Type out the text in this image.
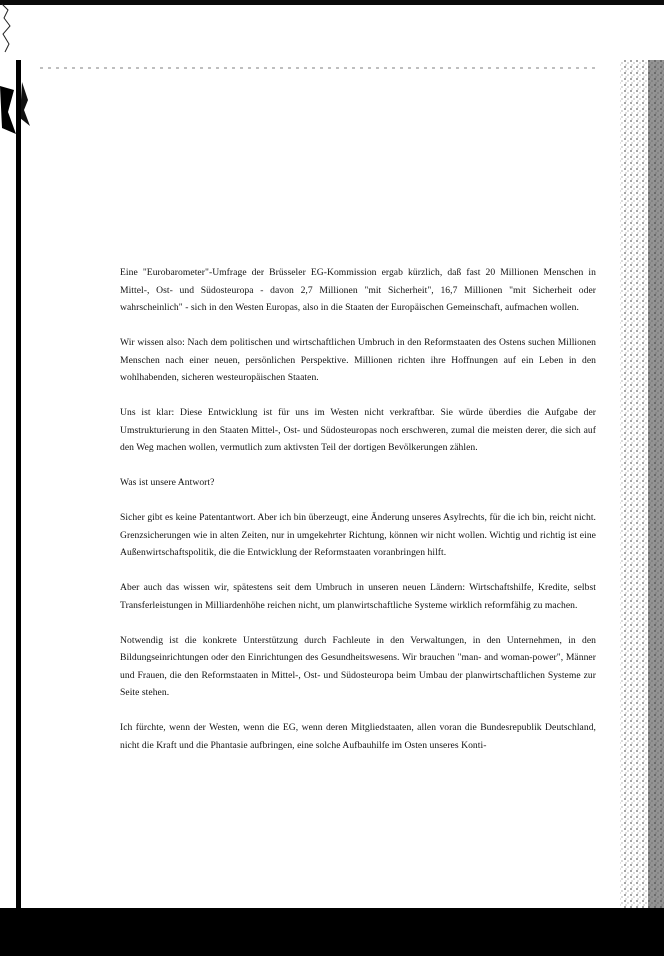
Eine "Eurobarometer"-Umfrage der Brüsseler EG-Kommission ergab kürzlich, daß fast 20 Millionen Menschen in Mittel-, Ost- und Südosteuropa - davon 2,7 Millionen "mit Sicherheit", 16,7 Millionen "mit Sicherheit oder wahrscheinlich" - sich in den Westen Europas, also in die Staaten der Europäischen Gemeinschaft, aufmachen wollen.

Wir wissen also: Nach dem politischen und wirtschaftlichen Umbruch in den Reformstaaten des Ostens suchen Millionen Menschen nach einer neuen, persönlichen Perspektive. Millionen richten ihre Hoffnungen auf ein Leben in den wohlhabenden, sicheren westeuropäischen Staaten.

Uns ist klar: Diese Entwicklung ist für uns im Westen nicht verkraftbar. Sie würde überdies die Aufgabe der Umstrukturierung in den Staaten Mittel-, Ost- und Südosteuropas noch erschweren, zumal die meisten derer, die sich auf den Weg machen wollen, vermutlich zum aktivsten Teil der dortigen Bevölkerungen zählen.

Was ist unsere Antwort?

Sicher gibt es keine Patentantwort. Aber ich bin überzeugt, eine Änderung unseres Asylrechts, für die ich bin, reicht nicht. Grenzsicherungen wie in alten Zeiten, nur in umgekehrter Richtung, können wir nicht wollen. Wichtig und richtig ist eine Außenwirtschaftspolitik, die die Entwicklung der Reformstaaten voranbringen hilft.

Aber auch das wissen wir, spätestens seit dem Umbruch in unseren neuen Ländern: Wirtschaftshilfe, Kredite, selbst Transferleistungen in Milliardenhöhe reichen nicht, um planwirtschaftliche Systeme wirklich reformfähig zu machen.

Notwendig ist die konkrete Unterstützung durch Fachleute in den Verwaltungen, in den Unternehmen, in den Bildungseinrichtungen oder den Einrichtungen des Gesundheitswesens. Wir brauchen "man- and woman-power", Männer und Frauen, die den Reformstaaten in Mittel-, Ost- und Südosteuropa beim Umbau der planwirtschaftlichen Systeme zur Seite stehen.

Ich fürchte, wenn der Westen, wenn die EG, wenn deren Mitgliedstaaten, allen voran die Bundesrepublik Deutschland, nicht die Kraft und die Phantasie aufbringen, eine solche Aufbauhilfe im Osten unseres Konti-
